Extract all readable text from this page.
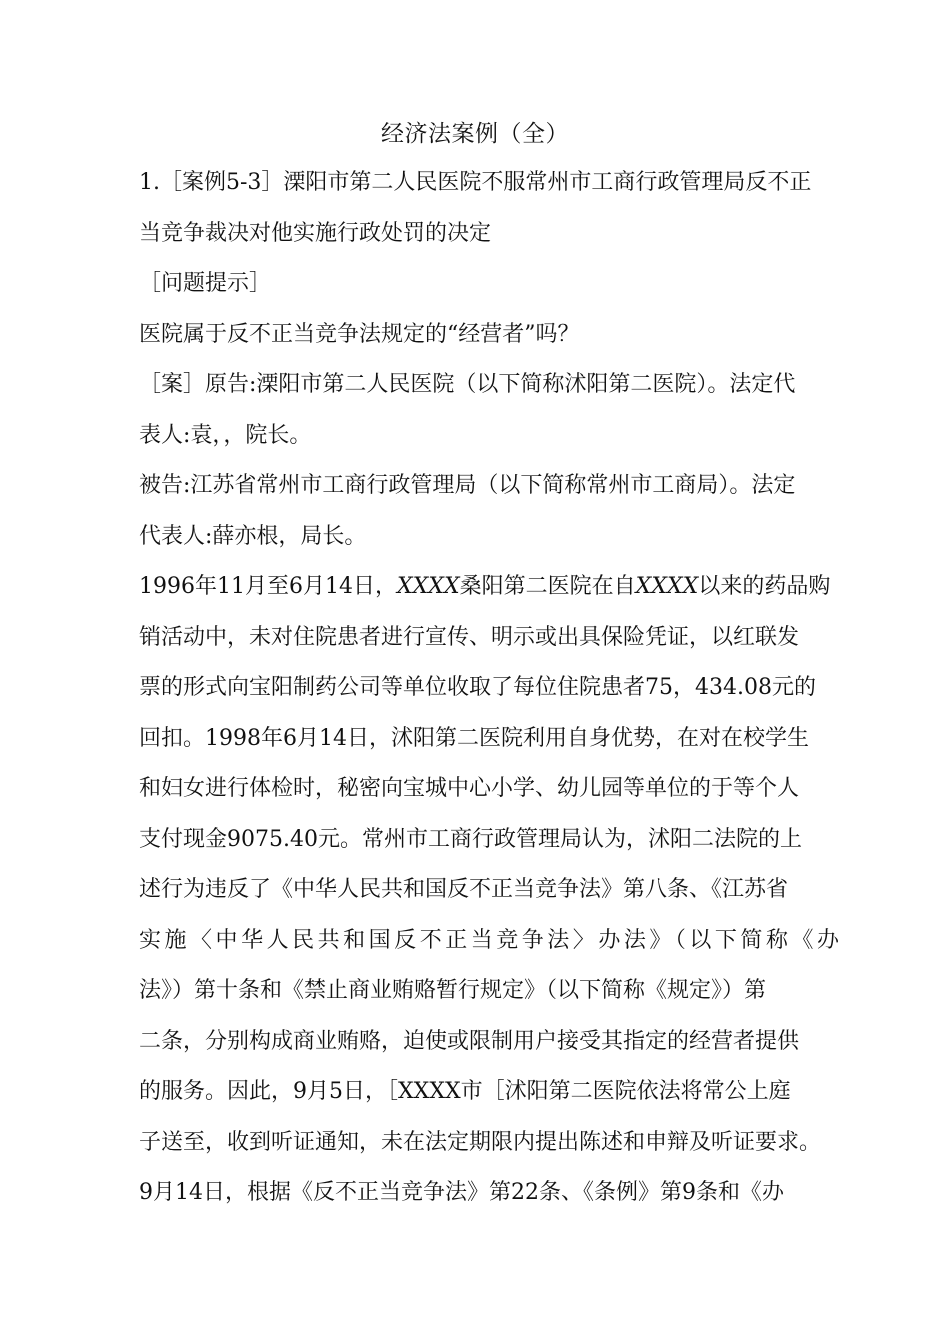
经济法案例（全）
1.［案例5-3］溧阳市第二人民医院不服常州市工商行政管理局反不正
当竞争裁决对他实施行政处罚的决定
［问题提示］
医院属于反不正当竞争法规定的“经营者”吗？
［案］原告:溧阳市第二人民医院（以下简称沭阳第二医院）。法定代
表人:袁，，院长。
被告:江苏省常州市工商行政管理局（以下简称常州市工商局）。法定
代表人:薛亦根，局长。
1996年11月至6月14日，XXXX桑阳第二医院在自XXXX以来的药品购
销活动中，未对住院患者进行宣传、明示或出具保险凭证，以红联发
票的形式向宝阳制药公司等单位收取了每位住院患者75，434.08元的
回扣。1998年6月14日，沭阳第二医院利用自身优势，在对在校学生
和妇女进行体检时，秘密向宝城中心小学、幼儿园等单位的于等个人
支付现金9075.40元。常州市工商行政管理局认为，沭阳二法院的上
述行为违反了《中华人民共和国反不正当竞争法》第八条、《江苏省
实施〈中华人民共和国反不正当竞争法〉办法》（以下简称《办
法》）第十条和《禁止商业贿赂暂行规定》（以下简称《规定》）第
二条，分别构成商业贿赂，迫使或限制用户接受其指定的经营者提供
的服务。因此，9月5日，［XXXX市［沭阳第二医院依法将常公上庭
子送至，收到听证通知，未在法定期限内提出陈述和申辩及听证要求。
9月14日，根据《反不正当竞争法》第22条、《条例》第9条和《办
